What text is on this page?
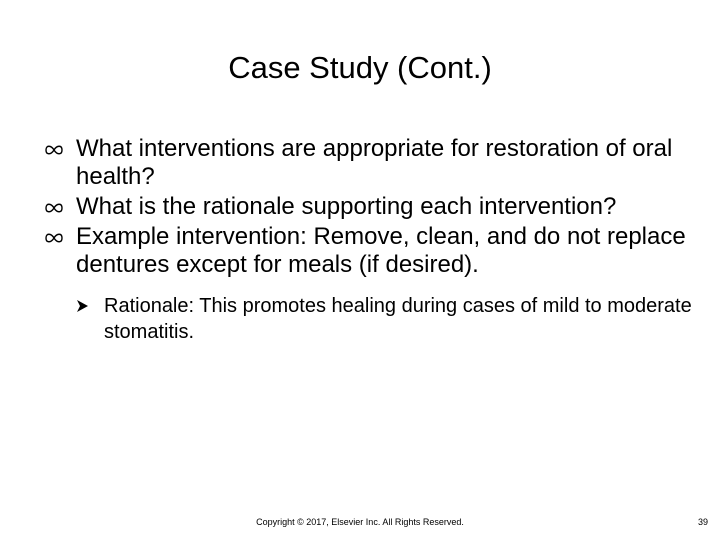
Case Study (Cont.)
What interventions are appropriate for restoration of oral health?
What is the rationale supporting each intervention?
Example intervention: Remove, clean, and do not replace dentures except for meals (if desired).
Rationale: This promotes healing during cases of mild to moderate stomatitis.
Copyright © 2017, Elsevier Inc. All Rights Reserved.	39
